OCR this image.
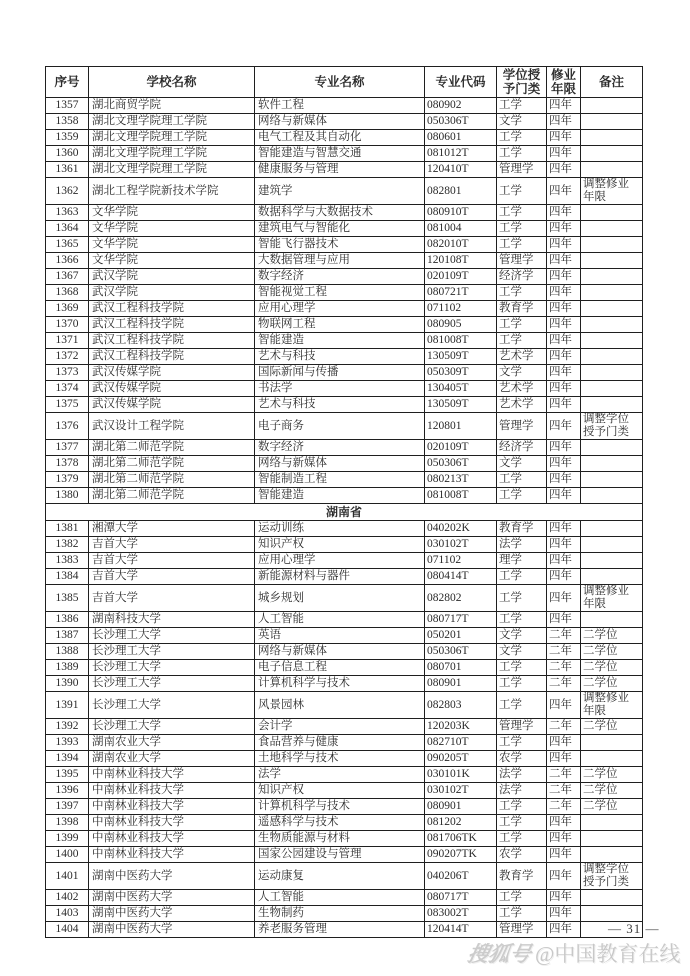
序号	学校名称	专业名称	专业代码	学位授予门类	修业年限	备注
1357	湖北商贸学院	软件工程	080902	工学	四年	
1358	湖北文理学院理工学院	网络与新媒体	050306T	文学	四年	
1359	湖北文理学院理工学院	电气工程及其自动化	080601	工学	四年	
1360	湖北文理学院理工学院	智能建造与智慧交通	081012T	工学	四年	
1361	湖北文理学院理工学院	健康服务与管理	120410T	管理学	四年	
1362	湖北工程学院新技术学院	建筑学	082801	工学	四年	调整修业年限
1363	文华学院	数据科学与大数据技术	080910T	工学	四年	
1364	文华学院	建筑电气与智能化	081004	工学	四年	
1365	文华学院	智能飞行器技术	082010T	工学	四年	
1366	文华学院	大数据管理与应用	120108T	管理学	四年	
1367	武汉学院	数字经济	020109T	经济学	四年	
1368	武汉学院	智能视觉工程	080721T	工学	四年	
1369	武汉工程科技学院	应用心理学	071102	教育学	四年	
1370	武汉工程科技学院	物联网工程	080905	工学	四年	
1371	武汉工程科技学院	智能建造	081008T	工学	四年	
1372	武汉工程科技学院	艺术与科技	130509T	艺术学	四年	
1373	武汉传媒学院	国际新闻与传播	050309T	文学	四年	
1374	武汉传媒学院	书法学	130405T	艺术学	四年	
1375	武汉传媒学院	艺术与科技	130509T	艺术学	四年	
1376	武汉设计工程学院	电子商务	120801	管理学	四年	调整学位授予门类
1377	湖北第二师范学院	数字经济	020109T	经济学	四年	
1378	湖北第二师范学院	网络与新媒体	050306T	文学	四年	
1379	湖北第二师范学院	智能制造工程	080213T	工学	四年	
1380	湖北第二师范学院	智能建造	081008T	工学	四年	
湖南省						
1381	湘潭大学	运动训练	040202K	教育学	四年	
1382	吉首大学	知识产权	030102T	法学	四年	
1383	吉首大学	应用心理学	071102	理学	四年	
1384	吉首大学	新能源材料与器件	080414T	工学	四年	
1385	吉首大学	城乡规划	082802	工学	四年	调整修业年限
1386	湖南科技大学	人工智能	080717T	工学	四年	
1387	长沙理工大学	英语	050201	文学	二年	二学位
1388	长沙理工大学	网络与新媒体	050306T	文学	二年	二学位
1389	长沙理工大学	电子信息工程	080701	工学	二年	二学位
1390	长沙理工大学	计算机科学与技术	080901	工学	二年	二学位
1391	长沙理工大学	风景园林	082803	工学	四年	调整修业年限
1392	长沙理工大学	会计学	120203K	管理学	二年	二学位
1393	湖南农业大学	食品营养与健康	082710T	工学	四年	
1394	湖南农业大学	土地科学与技术	090205T	农学	四年	
1395	中南林业科技大学	法学	030101K	法学	二年	二学位
1396	中南林业科技大学	知识产权	030102T	法学	二年	二学位
1397	中南林业科技大学	计算机科学与技术	080901	工学	二年	二学位
1398	中南林业科技大学	遥感科学与技术	081202	工学	四年	
1399	中南林业科技大学	生物质能源与材料	081706TK	工学	四年	
1400	中南林业科技大学	国家公园建设与管理	090207TK	农学	四年	
1401	湖南中医药大学	运动康复	040206T	教育学	四年	调整学位授予门类
1402	湖南中医药大学	人工智能	080717T	工学	四年	
1403	湖南中医药大学	生物制药	083002T	工学	四年	
1404	湖南中医药大学	养老服务管理	120414T	管理学	四年		— 31 —
搜狐号@中国教育在线
